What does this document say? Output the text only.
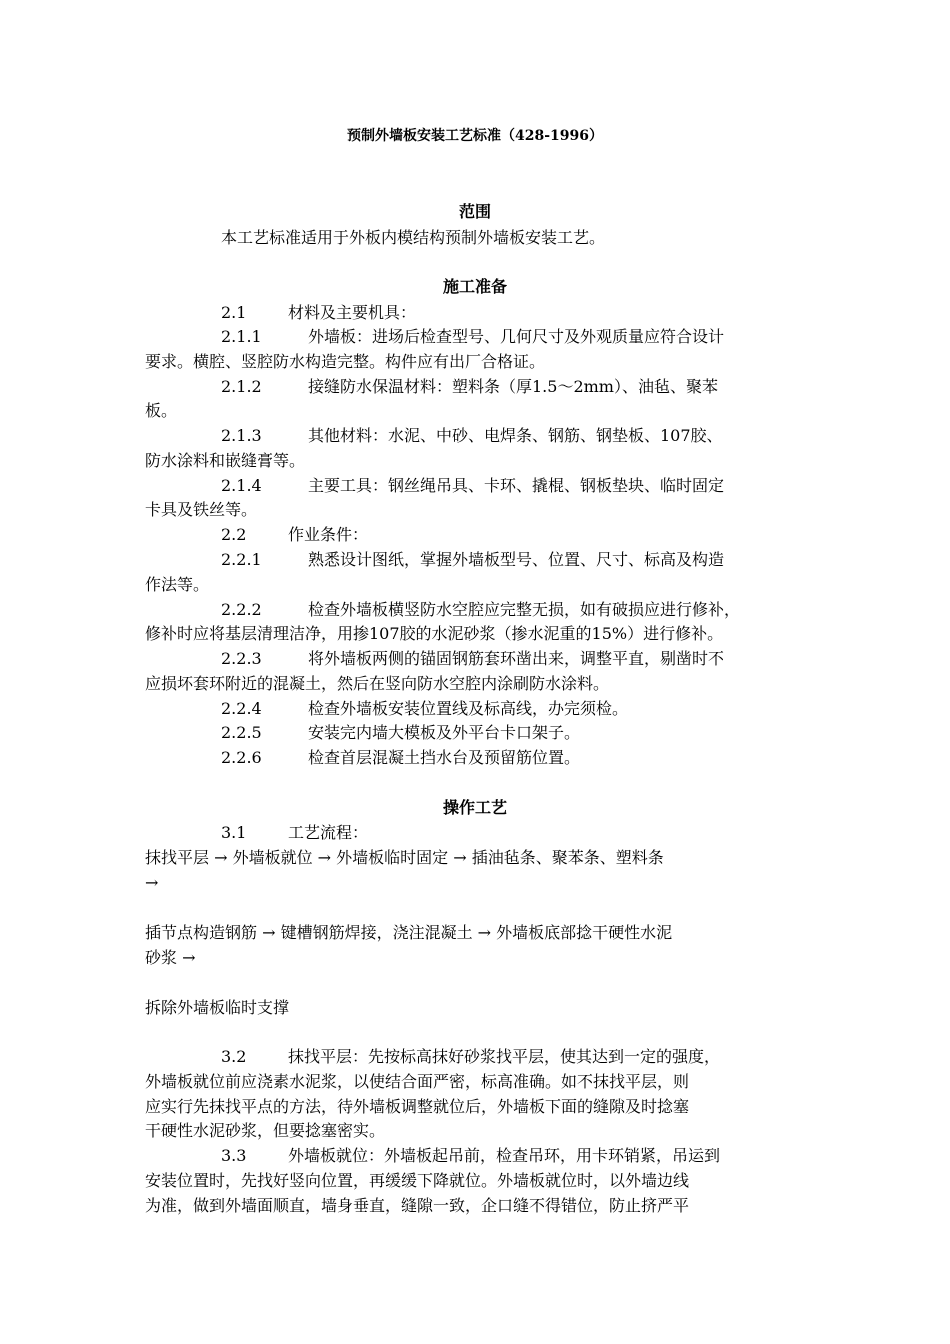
预制外墙板安装工艺标准（428-1996）
范围
本工艺标准适用于外板内模结构预制外墙板安装工艺。
施工准备
2.1	材料及主要机具：
2.1.1	外墙板：进场后检查型号、几何尺寸及外观质量应符合设计
要求。横腔、竖腔防水构造完整。构件应有出厂合格证。
2.1.2	接缝防水保温材料：塑料条（厚1.5～2mm）、油毡、聚苯
板。
2.1.3	其他材料：水泥、中砂、电焊条、钢筋、钢垫板、107胶、
防水涂料和嵌缝膏等。
2.1.4	主要工具：钢丝绳吊具、卡环、撬棍、钢板垫块、临时固定
卡具及铁丝等。
2.2	作业条件：
2.2.1	熟悉设计图纸，掌握外墙板型号、位置、尺寸、标高及构造
作法等。
2.2.2	检查外墙板横竖防水空腔应完整无损，如有破损应进行修补，
修补时应将基层清理洁净，用掺107胶的水泥砂浆（掺水泥重的15%）进行修补。
2.2.3	将外墙板两侧的锚固钢筋套环凿出来，调整平直，剔凿时不
应损坏套环附近的混凝土，然后在竖向防水空腔内涂刷防水涂料。
2.2.4	检查外墙板安装位置线及标高线，办完须检。
2.2.5	安装完内墙大模板及外平台卡口架子。
2.2.6	检查首层混凝土挡水台及预留筋位置。
操作工艺
3.1	工艺流程：
抹找平层 → 外墙板就位 → 外墙板临时固定 → 插油毡条、聚苯条、塑料条
→
插节点构造钢筋 → 键槽钢筋焊接，浇注混凝土 → 外墙板底部捻干硬性水泥
砂浆 →
拆除外墙板临时支撑
3.2	抹找平层：先按标高抹好砂浆找平层，使其达到一定的强度，
外墙板就位前应浇素水泥浆，以使结合面严密，标高准确。如不抹找平层，则
应实行先抹找平点的方法，待外墙板调整就位后，外墙板下面的缝隙及时捻塞
干硬性水泥砂浆，但要捻塞密实。
3.3	外墙板就位：外墙板起吊前，检查吊环，用卡环销紧，吊运到
安装位置时，先找好竖向位置，再缓缓下降就位。外墙板就位时，以外墙边线
为准，做到外墙面顺直，墙身垂直，缝隙一致，企口缝不得错位，防止挤严平
